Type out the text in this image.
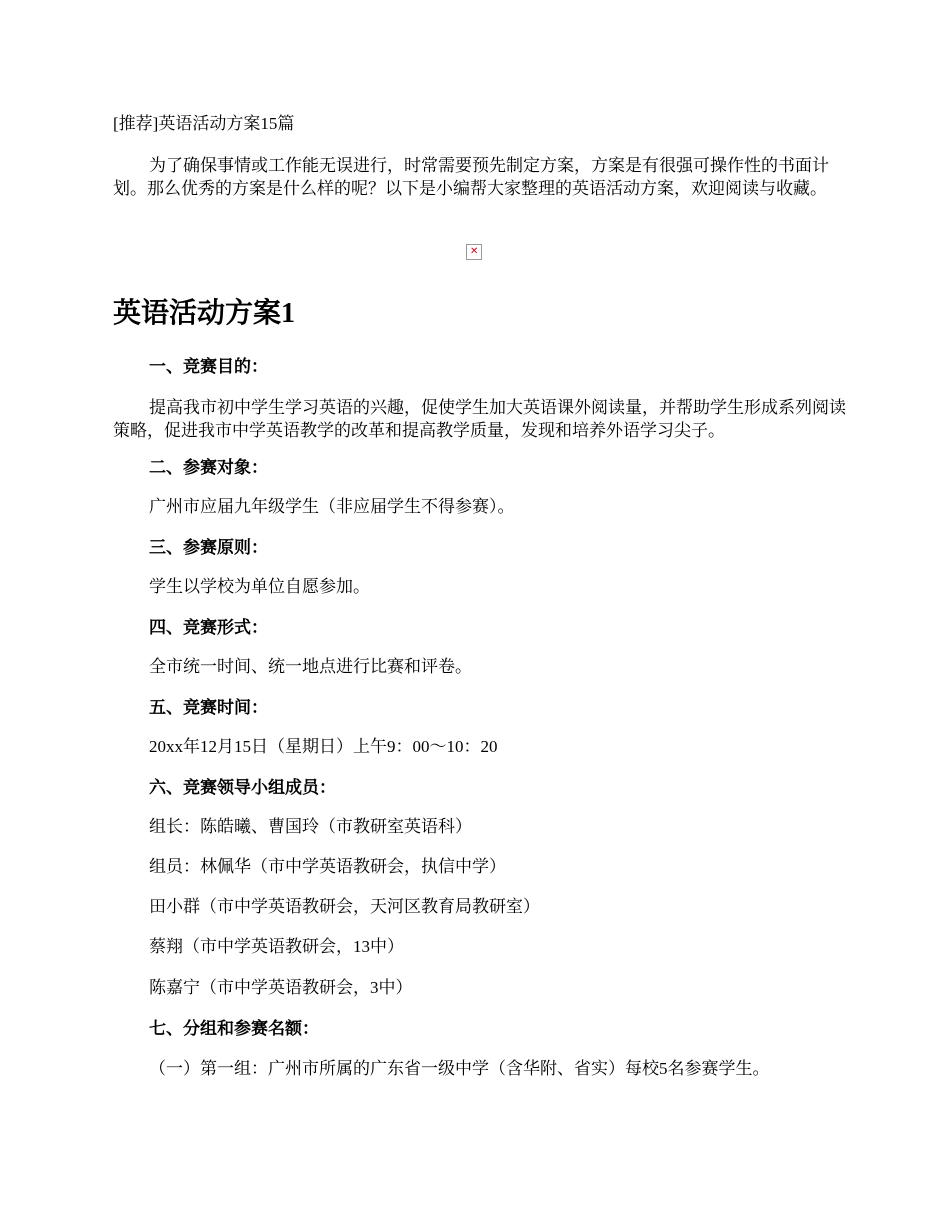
[推荐]英语活动方案15篇

为了确保事情或工作能无误进行，时常需要预先制定方案，方案是有很强可操作性的书面计划。那么优秀的方案是什么样的呢？以下是小编帮大家整理的英语活动方案，欢迎阅读与收藏。

✕
英语活动方案1
一、竞赛目的：

提高我市初中学生学习英语的兴趣，促使学生加大英语课外阅读量，并帮助学生形成系列阅读策略，促进我市中学英语教学的改革和提高教学质量，发现和培养外语学习尖子。

二、参赛对象：
广州市应届九年级学生（非应届学生不得参赛）。
三、参赛原则：
学生以学校为单位自愿参加。
四、竞赛形式：
全市统一时间、统一地点进行比赛和评卷。
五、竞赛时间：
20xx年12月15日（星期日）上午9：00～10：20
六、竞赛领导小组成员：
组长：陈皓曦、曹国玲（市教研室英语科）
组员：林佩华（市中学英语教研会，执信中学）
田小群（市中学英语教研会，天河区教育局教研室）
蔡翔（市中学英语教研会，13中）
陈嘉宁（市中学英语教研会，3中）
七、分组和参赛名额：
（一）第一组：广州市所属的广东省一级中学（含华附、省实）每校5名参赛学生。
